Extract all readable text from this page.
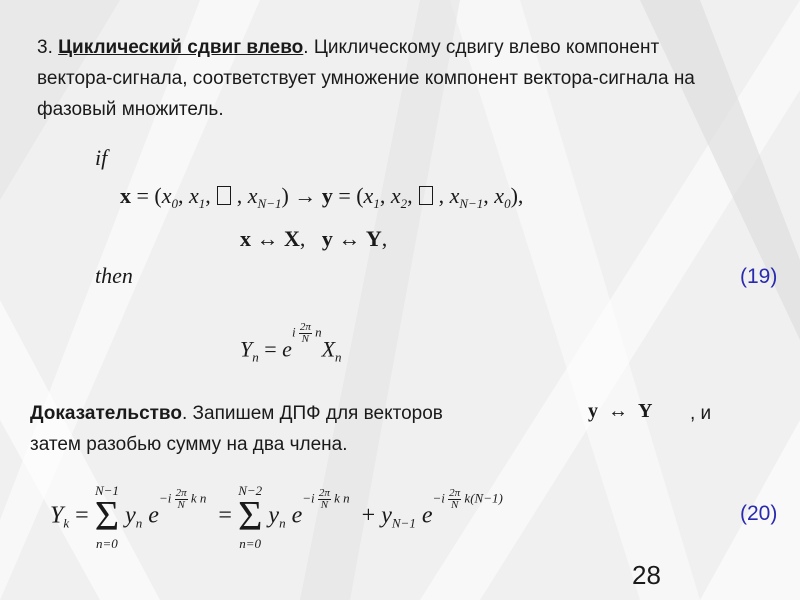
3. Циклический сдвиг влево. Циклическому сдвигу влево компонент вектора-сигнала, соответствует умножение компонент вектора-сигнала на фазовый множитель.
if
$x = (x_0$, $x_1$, , $x_{N-1}) \to y = (x_1$, $x_2$, , $x_{N-1}$, $x_0$),
x ↔ X,   y ↔ Y,
then	(19)
$Y_n$ = ei $\frac{2\pi}{N} nX_n$
Доказательство. Запишем ДПФ для векторов	y  ↔  Y , и
затем разобью сумму на два члена.
$Y_k$ =
N−1
Σ
n=0
$y_n$ $e-i \frac{2\pi}{N}$ k n  =
N−2
Σ
n=0
$y_n$ $e-i \frac{2\pi}{N}$ k $n + y_{N-1}$ $e-i \frac{2\pi}{N} k(N-1)$
(20)
28
